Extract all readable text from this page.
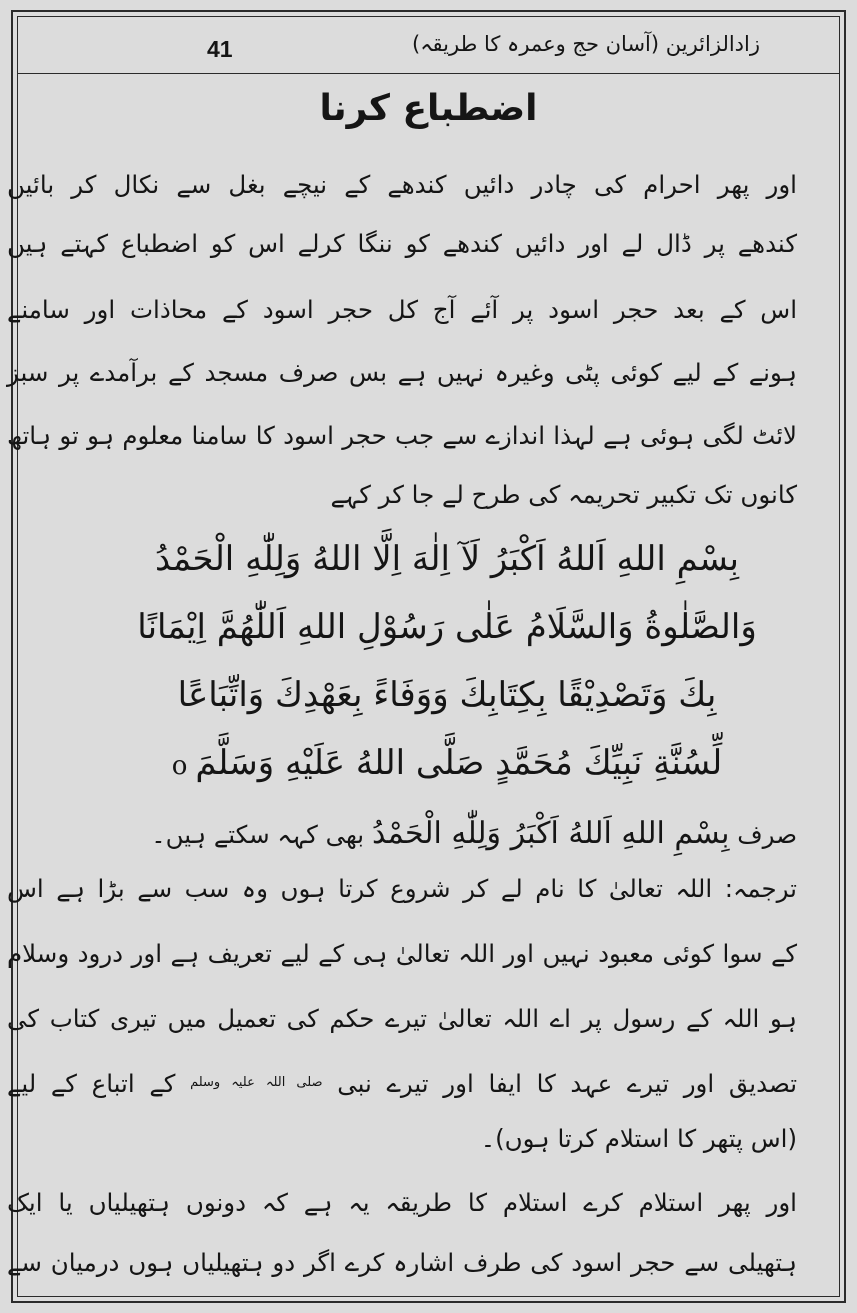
41	زادالزائرین (آسان حج وعمرہ کا طریقہ)
اضطباع کرنا
اور پھر احرام کی چادر دائیں کندھے کے نیچے بغل سے نکال کر بائیں
کندھے پر ڈال لے اور دائیں کندھے کو ننگا کرلے اس کو اضطباع کہتے ہیں
اس کے بعد حجر اسود پر آئے آج کل حجر اسود کے محاذات اور سامنے
ہونے کے لیے کوئی پٹی وغیرہ نہیں ہے بس صرف مسجد کے برآمدے پر سبز
لائٹ لگی ہوئی ہے لہذا اندازے سے جب حجر اسود کا سامنا معلوم ہو تو ہاتھ
کانوں تک تکبیر تحریمہ کی طرح لے جا کر کہے
بِسْمِ اللهِ اَللهُ اَكْبَرُ لَآ اِلٰهَ اِلَّا اللهُ وَلِلّٰهِ الْحَمْدُ
وَالصَّلٰوةُ وَالسَّلَامُ عَلٰى رَسُوْلِ اللهِ اَللّٰهُمَّ اِيْمَانًا
بِكَ وَتَصْدِيْقًا بِكِتَابِكَ وَوَفَاءً بِعَهْدِكَ وَاتِّبَاعًا
لِّسُنَّةِ نَبِيِّكَ مُحَمَّدٍ صَلَّى اللهُ عَلَيْهِ وَسَلَّمَo
صرف بِسْمِ اللهِ اَللهُ اَكْبَرُ وَلِلّٰهِ الْحَمْدُ بھی کہہ سکتے ہیں۔
ترجمہ: اللہ تعالیٰ کا نام لے کر شروع کرتا ہوں وہ سب سے بڑا ہے اس
کے سوا کوئی معبود نہیں اور اللہ تعالیٰ ہی کے لیے تعریف ہے اور درود وسلام
ہو اللہ کے رسول پر اے اللہ تعالیٰ تیرے حکم کی تعمیل میں تیری کتاب کی
تصدیق اور تیرے عہد کا ایفا اور تیرے نبی $^{صلی اللہ علیہ وسلم}$ کے اتباع کے لیے
(اس پتھر کا استلام کرتا ہوں)۔
اور پھر استلام کرے استلام کا طریقہ یہ ہے کہ دونوں ہتھیلیاں یا ایک
ہتھیلی سے حجر اسود کی طرف اشارہ کرے اگر دو ہتھیلیاں ہوں درمیان سے
